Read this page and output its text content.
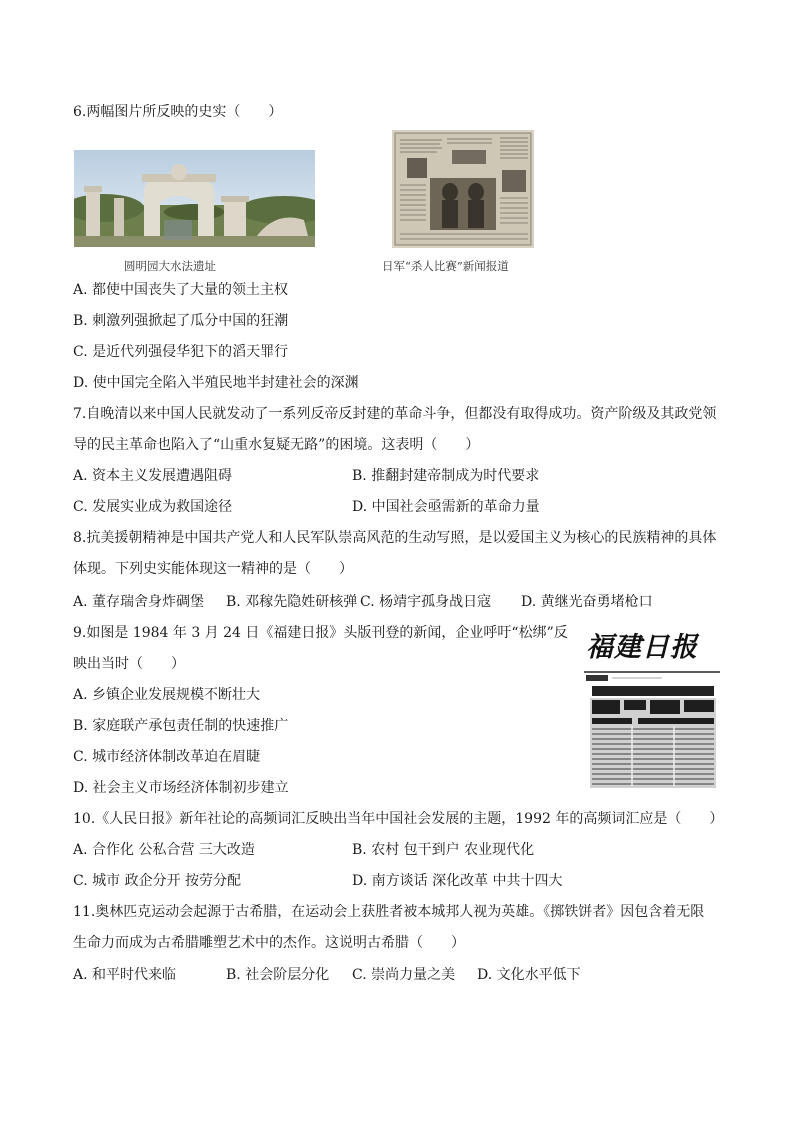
6.两幅图片所反映的史实（　　）
圆明园大水法遗址	日军“杀人比赛”新闻报道
A. 都使中国丧失了大量的领土主权
B. 刺激列强掀起了瓜分中国的狂潮
C. 是近代列强侵华犯下的滔天罪行
D. 使中国完全陷入半殖民地半封建社会的深渊
7.自晚清以来中国人民就发动了一系列反帝反封建的革命斗争，但都没有取得成功。资产阶级及其政党领
导的民主革命也陷入了“山重水复疑无路”的困境。这表明（　　）
A. 资本主义发展遭遇阻碍	B. 推翻封建帝制成为时代要求
C. 发展实业成为救国途径	D. 中国社会亟需新的革命力量
8.抗美援朝精神是中国共产党人和人民军队崇高风范的生动写照，是以爱国主义为核心的民族精神的具体
体现。下列史实能体现这一精神的是（　　）
A. 董存瑞舍身炸碉堡 B. 邓稼先隐姓研核弹 C. 杨靖宇孤身战日寇 D. 黄继光奋勇堵枪口
9.如图是 1984 年 3 月 24 日《福建日报》头版刊登的新闻，企业呼吁“松绑”反
映出当时（　　）
福建日报
A. 乡镇企业发展规模不断壮大
B. 家庭联产承包责任制的快速推广
C. 城市经济体制改革迫在眉睫
D. 社会主义市场经济体制初步建立
10.《人民日报》新年社论的高频词汇反映出当年中国社会发展的主题，1992 年的高频词汇应是（　　）
A. 合作化 公私合营 三大改造	B. 农村 包干到户 农业现代化
C. 城市 政企分开 按劳分配	D. 南方谈话 深化改革 中共十四大
11.奥林匹克运动会起源于古希腊，在运动会上获胜者被本城邦人视为英雄。《掷铁饼者》因包含着无限
生命力而成为古希腊雕塑艺术中的杰作。这说明古希腊（　　）
A. 和平时代来临	B. 社会阶层分化 C. 崇尚力量之美 D. 文化水平低下
